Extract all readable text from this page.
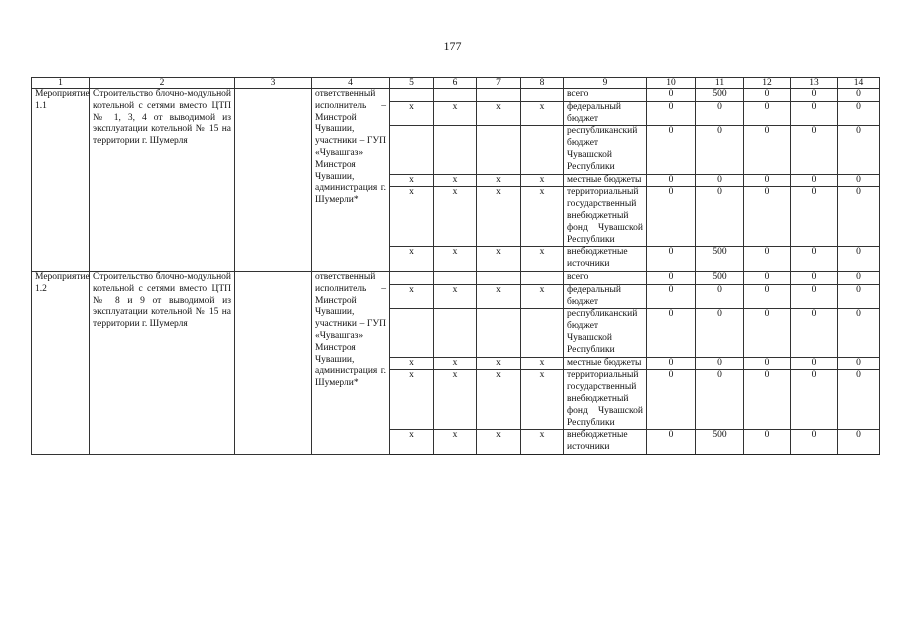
177
1	2	3	4	5	6	7	8	9	10	11	12	13	14
Мероприятие 1.1	Строительство блочно-модульной котельной с сетями вместо ЦТП № 1, 3, 4 от выводимой из эксплуатации котельной № 15 на территории г. Шумерля		ответственный исполнитель – Минстрой Чувашии, участники – ГУП «Чувашгаз» Минстроя Чувашии, администрация г. Шумерли*					всего	0	500	0	0	0
				x	x	x	x	федеральный бюджет	0	0	0	0	0
								республиканский бюджет Чувашской Республики	0	0	0	0	0
				x	x	x	x	местные бюджеты	0	0	0	0	0
				x	x	x	x	территориальный государственный внебюджетный фонд Чувашской Республики	0	0	0	0	0
				x	x	x	x	внебюджетные источники	0	500	0	0	0
Мероприятие 1.2	Строительство блочно-модульной котельной с сетями вместо ЦТП № 8 и 9 от выводимой из эксплуатации котельной № 15 на территории г. Шумерля		ответственный исполнитель – Минстрой Чувашии, участники – ГУП «Чувашгаз» Минстроя Чувашии, администрация г. Шумерли*					всего	0	500	0	0	0
				x	x	x	x	федеральный бюджет	0	0	0	0	0
								республиканский бюджет Чувашской Республики	0	0	0	0	0
				x	x	x	x	местные бюджеты	0	0	0	0	0
				x	x	x	x	территориальный государственный внебюджетный фонд Чувашской Республики	0	0	0	0	0
				x	x	x	x	внебюджетные источники	0	500	0	0	0
